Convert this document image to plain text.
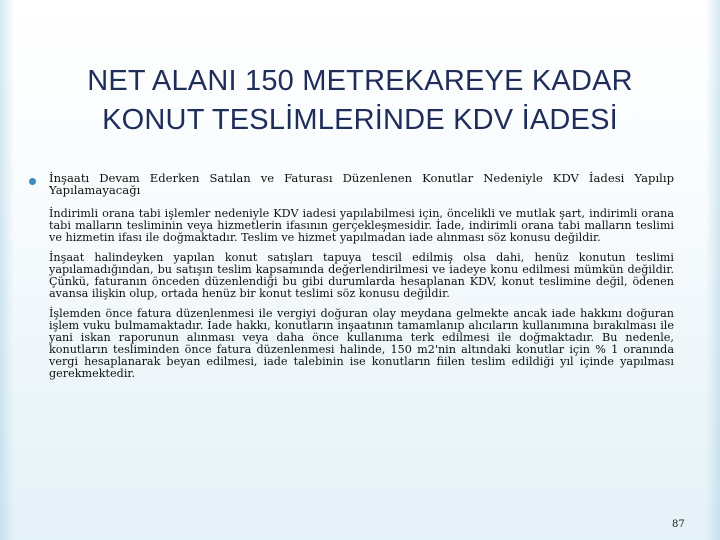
NET ALANI 150 METREKAREYE KADAR
KONUT TESLİMLERİNDE KDV İADESİ
İnşaatı Devam Ederken Satılan ve Faturası Düzenlenen Konutlar Nedeniyle KDV İadesi Yapılıp Yapılamayacağı

İndirimli orana tabi işlemler nedeniyle KDV iadesi yapılabilmesi için, öncelikli ve mutlak şart, indirimli orana tabi malların tesliminin veya hizmetlerin ifasının gerçekleşmesidir. İade, indirimli orana tabi malların teslimi ve hizmetin ifası ile doğmaktadır. Teslim ve hizmet yapılmadan iade alınması söz konusu değildir.

İnşaat halindeyken yapılan konut satışları tapuya tescil edilmiş olsa dahi, henüz konutun teslimi yapılamadığından, bu satışın teslim kapsamında değerlendirilmesi ve iadeye konu edilmesi mümkün değildir. Çünkü, faturanın önceden düzenlendiği bu gibi durumlarda hesaplanan KDV, konut teslimine değil, ödenen avansa ilişkin olup, ortada henüz bir konut teslimi söz konusu değildir.

İşlemden önce fatura düzenlenmesi ile vergiyi doğuran olay meydana gelmekte ancak iade hakkını doğuran işlem vuku bulmamaktadır. İade hakkı, konutların inşaatının tamamlanıp alıcıların kullanımına bırakılması ile yani iskan raporunun alınması veya daha önce kullanıma terk edilmesi ile doğmaktadır. Bu nedenle, konutların tesliminden önce fatura düzenlenmesi halinde, 150 m2'nin altındaki konutlar için % 1 oranında vergi hesaplanarak beyan edilmesi, iade talebinin ise konutların fiilen teslim edildiği yıl içinde yapılması gerekmektedir.

87
